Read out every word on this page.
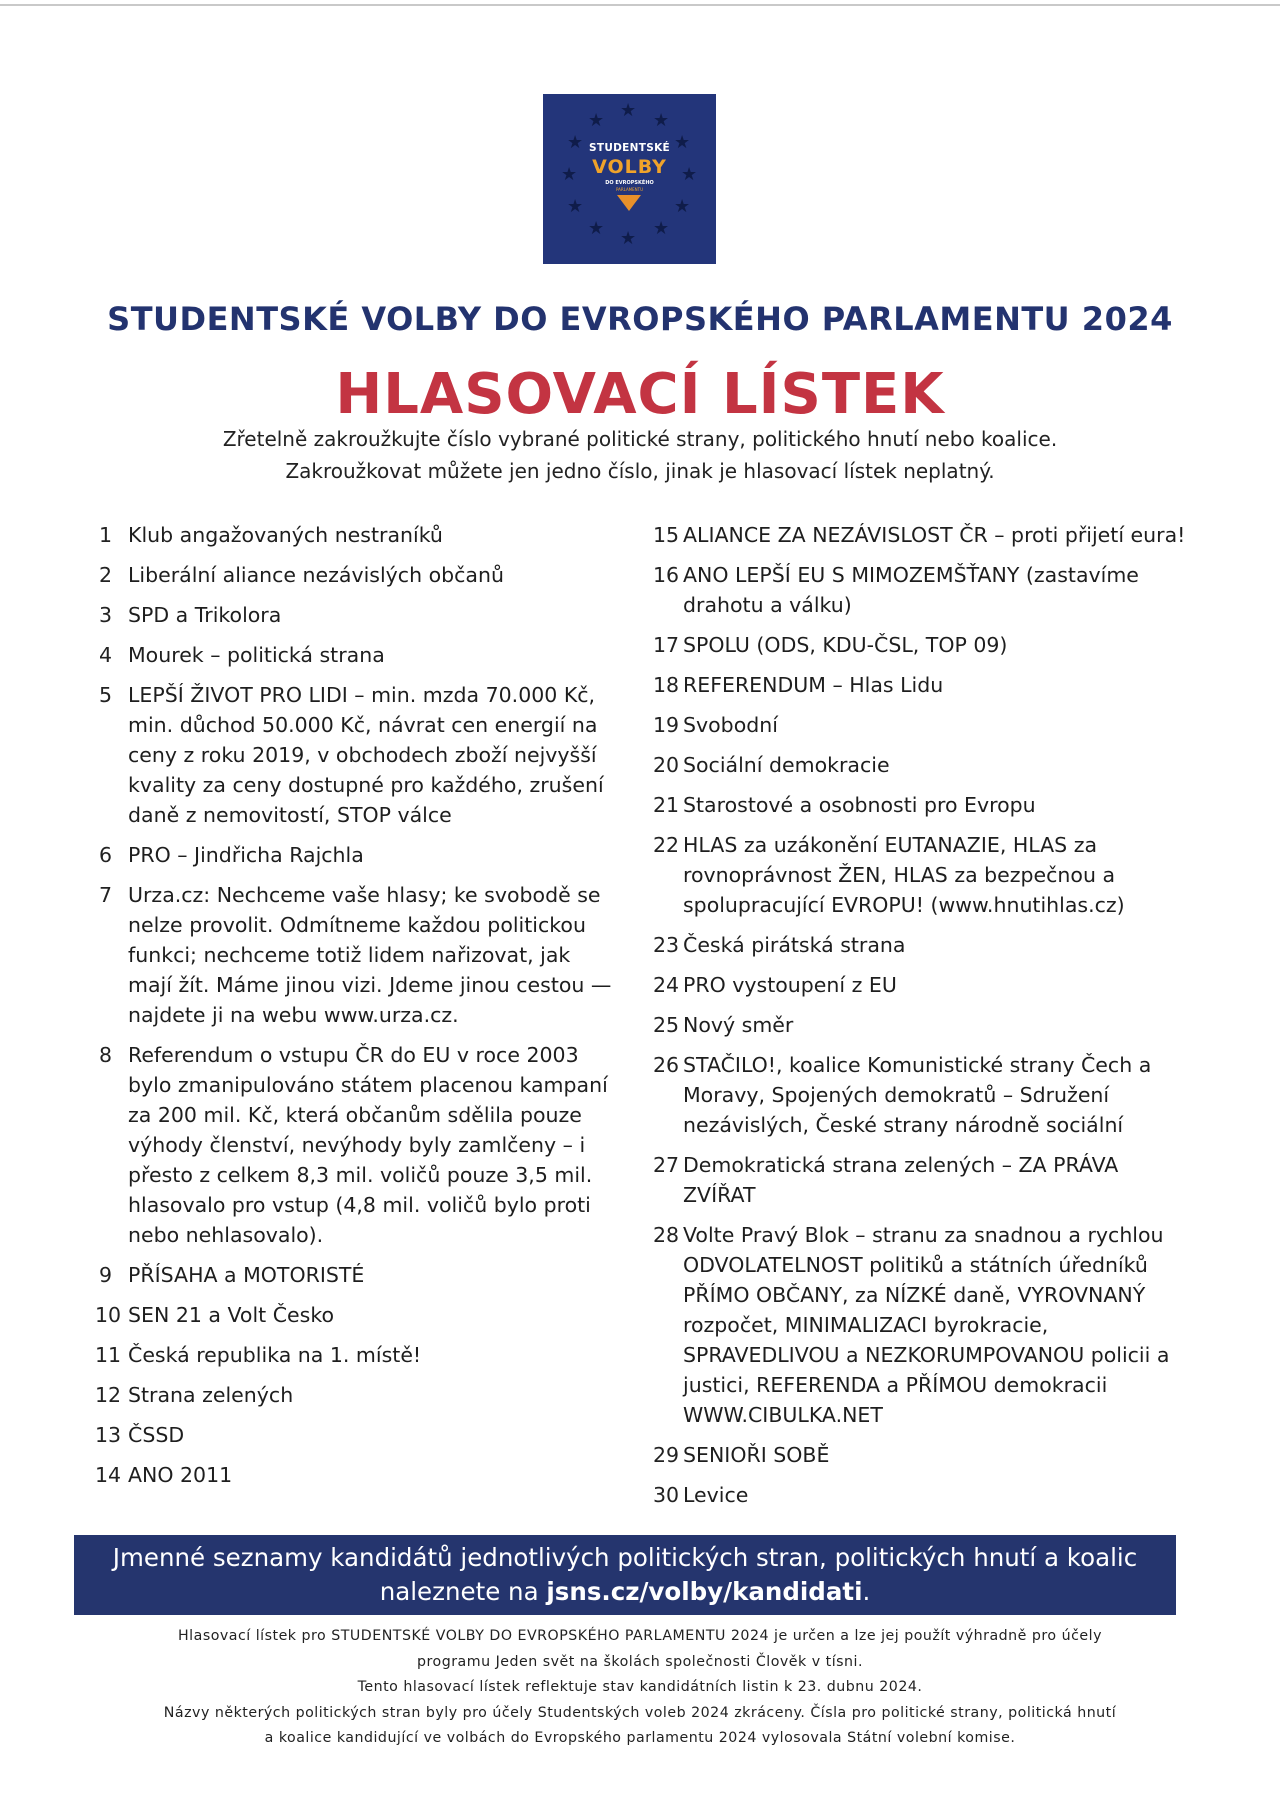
★
★	★
★	★
★	★
★	★
★	★
★
STUDENTSKÉ
VOLBY
DO EVROPSKÉHO
PARLAMENTU
STUDENTSKÉ VOLBY DO EVROPSKÉHO PARLAMENTU 2024
HLASOVACÍ LÍSTEK
Zřetelně zakroužkujte číslo vybrané politické strany, politického hnutí nebo koalice.
Zakroužkovat můžete jen jedno číslo, jinak je hlasovací lístek neplatný.
1 Klub angažovaných nestraníků
2 Liberální aliance nezávislých občanů
3 SPD a Trikolora
4 Mourek – politická strana
5 LEPŠÍ ŽIVOT PRO LIDI – min. mzda 70.000 Kč, min. důchod 50.000 Kč, návrat cen energií na ceny z roku 2019, v obchodech zboží nejvyšší kvality za ceny dostupné pro každého, zrušení daně z nemovitostí, STOP válce
6 PRO – Jindřicha Rajchla
7 Urza.cz: Nechceme vaše hlasy; ke svobodě se nelze provolit. Odmítneme každou politickou funkci; nechceme totiž lidem nařizovat, jak mají žít. Máme jinou vizi. Jdeme jinou cestou — najdete ji na webu www.urza.cz.
8 Referendum o vstupu ČR do EU v roce 2003 bylo zmanipulováno státem placenou kampaní za 200 mil. Kč, která občanům sdělila pouze výhody členství, nevýhody byly zamlčeny – i přesto z celkem 8,3 mil. voličů pouze 3,5 mil. hlasovalo pro vstup (4,8 mil. voličů bylo proti nebo nehlasovalo).
9 PŘÍSAHA a MOTORISTÉ
10 SEN 21 a Volt Česko
11 Česká republika na 1. místě!
12 Strana zelených
13 ČSSD
14 ANO 2011
15 ALIANCE ZA NEZÁVISLOST ČR – proti přijetí eura!
16 ANO LEPŠÍ EU S MIMOZEMŠŤANY (zastavíme drahotu a válku)
17 SPOLU (ODS, KDU-ČSL, TOP 09)
18 REFERENDUM – Hlas Lidu
19 Svobodní
20 Sociální demokracie
21 Starostové a osobnosti pro Evropu
22 HLAS za uzákonění EUTANAZIE, HLAS za rovnoprávnost ŽEN, HLAS za bezpečnou a spolupracující EVROPU! (www.hnutihlas.cz)
23 Česká pirátská strana
24 PRO vystoupení z EU
25 Nový směr
26 STAČILO!, koalice Komunistické strany Čech a Moravy, Spojených demokratů – Sdružení nezávislých, České strany národně sociální
27 Demokratická strana zelených – ZA PRÁVA ZVÍŘAT
28 Volte Pravý Blok – stranu za snadnou a rychlou ODVOLATELNOST politiků a státních úředníků PŘÍMO OBČANY, za NÍZKÉ daně, VYROVNANÝ rozpočet, MINIMALIZACI byrokracie, SPRAVEDLIVOU a NEZKORUMPOVANOU policii a justici, REFERENDA a PŘÍMOU demokracii WWW.CIBULKA.NET
29 SENIOŘI SOBĚ
30 Levice
Jmenné seznamy kandidátů jednotlivých politických stran, politických hnutí a koalic
naleznete na jsns.cz/volby/kandidati.
Hlasovací lístek pro STUDENTSKÉ VOLBY DO EVROPSKÉHO PARLAMENTU 2024 je určen a lze jej použít výhradně pro účely
programu Jeden svět na školách společnosti Člověk v tísni.
Tento hlasovací lístek reflektuje stav kandidátních listin k 23. dubnu 2024.
Názvy některých politických stran byly pro účely Studentských voleb 2024 zkráceny. Čísla pro politické strany, politická hnutí
a koalice kandidující ve volbách do Evropského parlamentu 2024 vylosovala Státní volební komise.
